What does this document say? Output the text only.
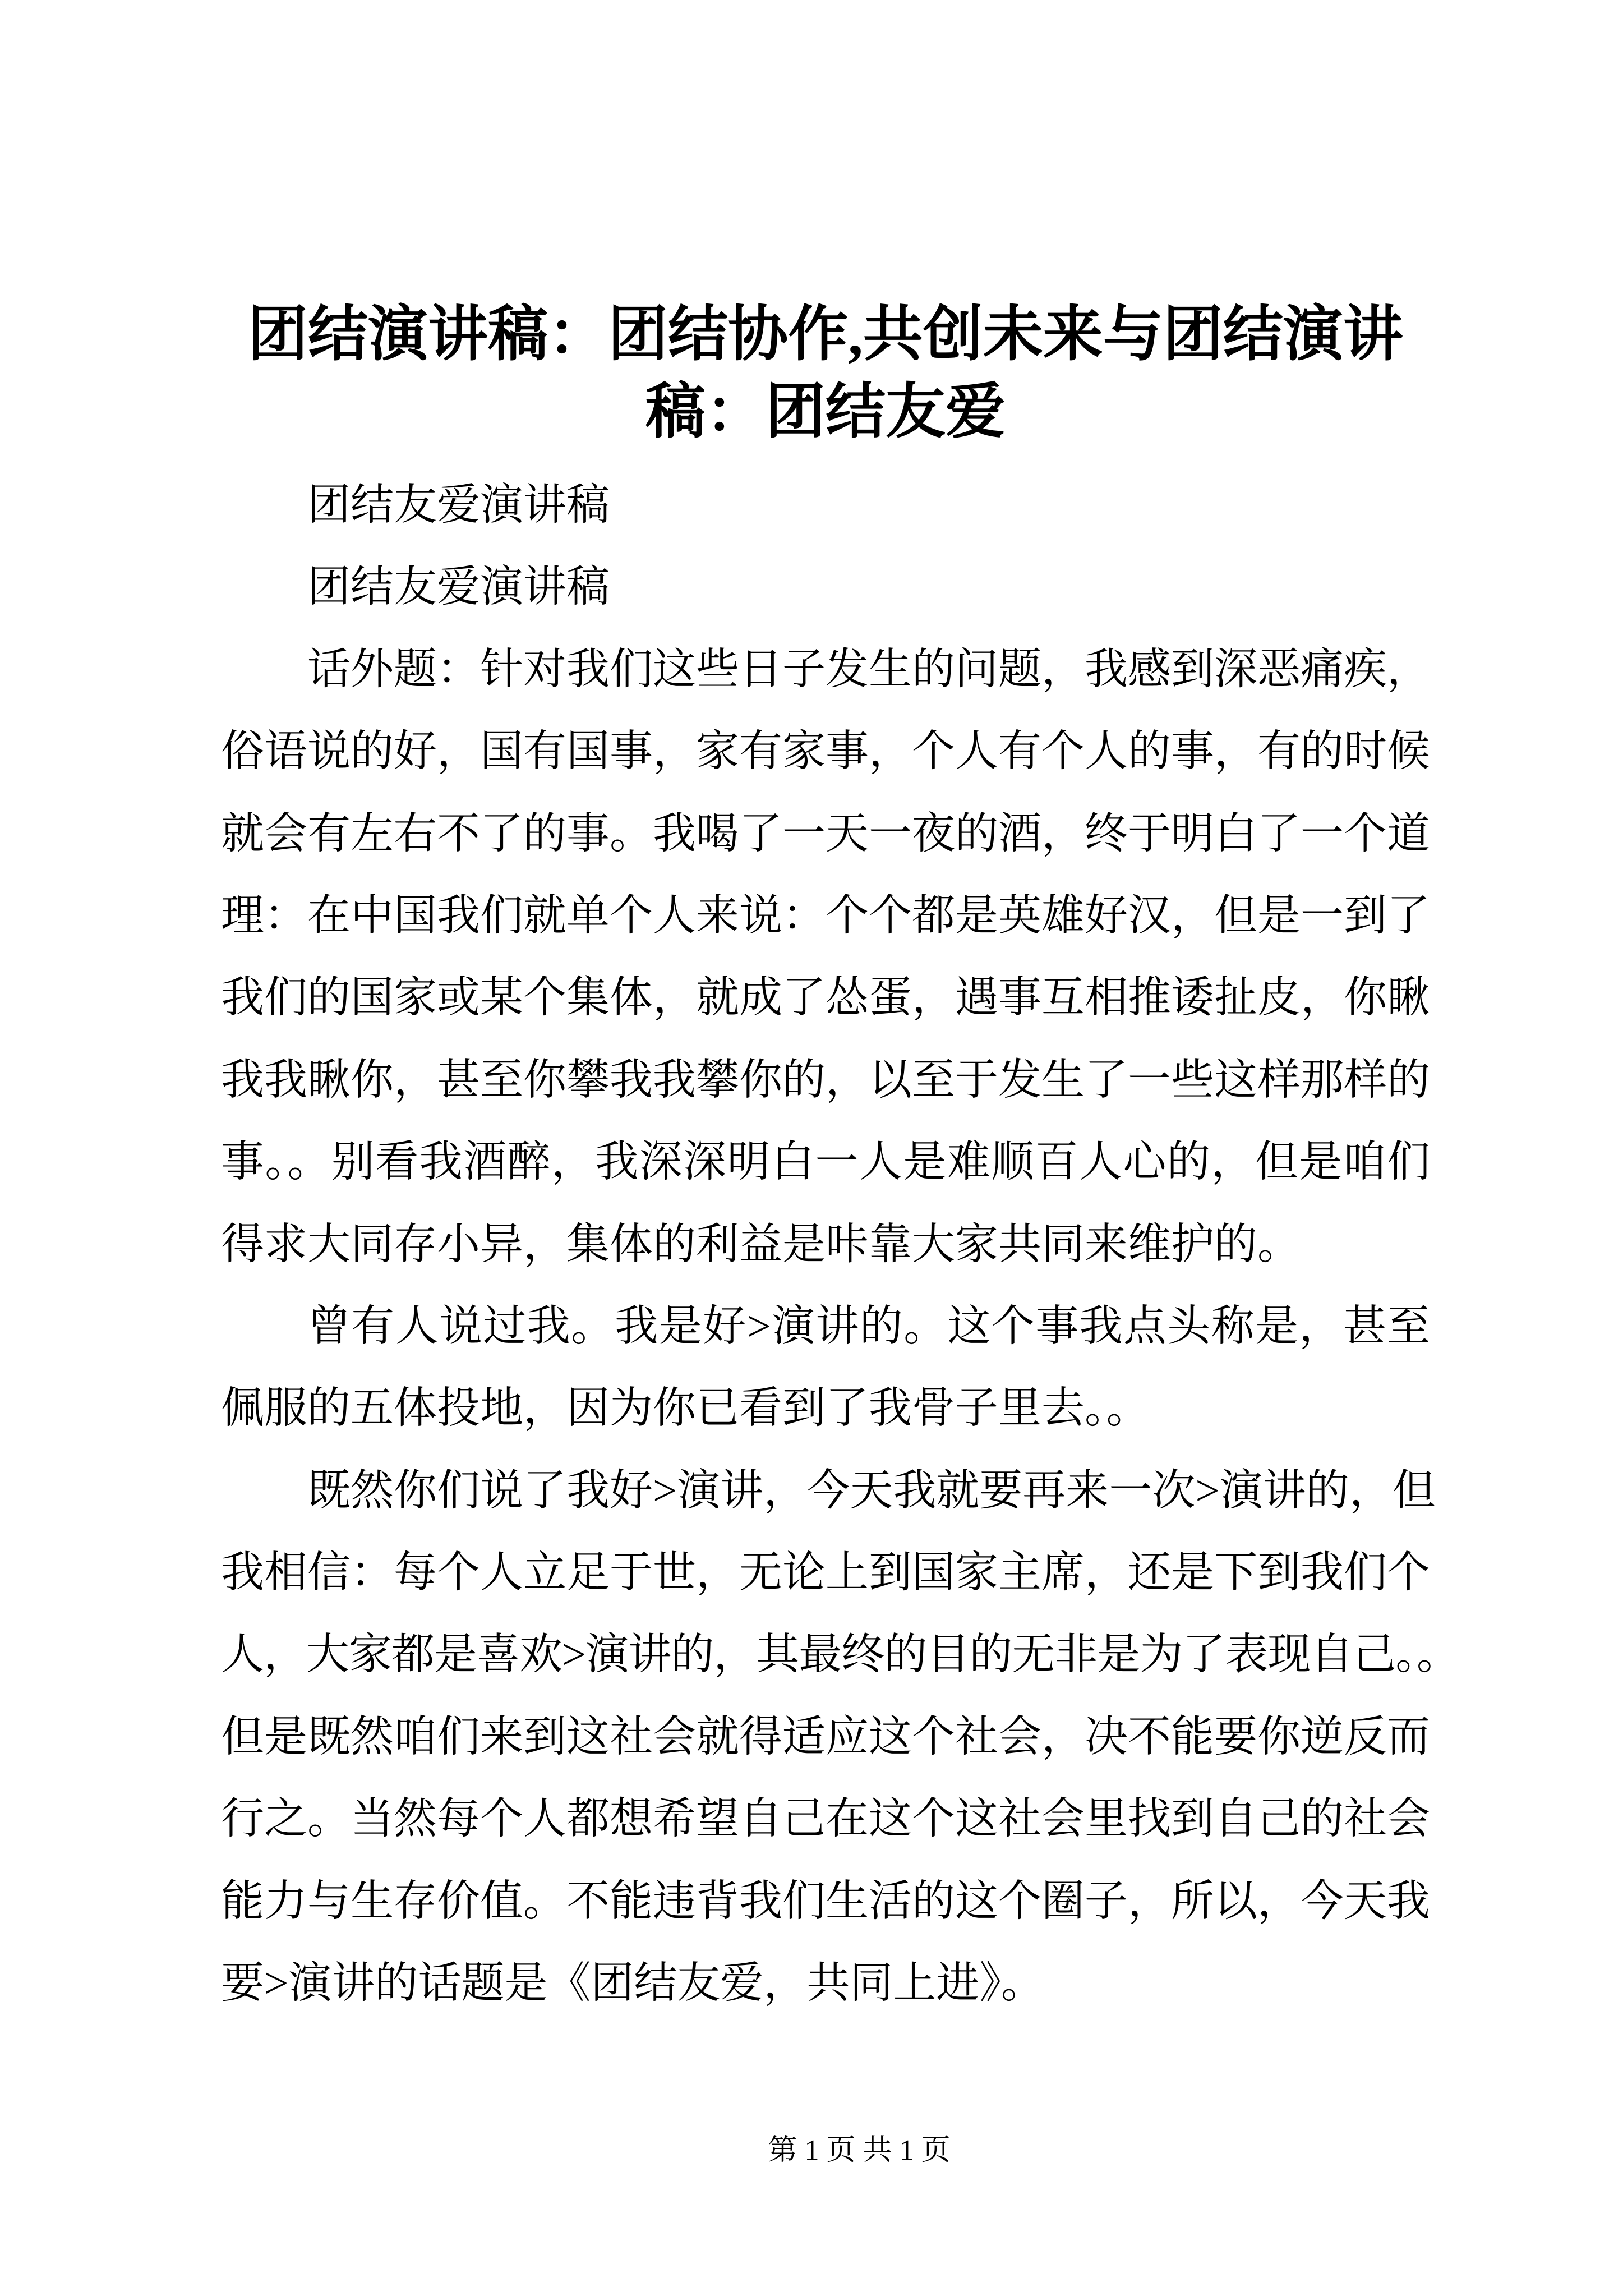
团结演讲稿：团结协作,共创未来与团结演讲
稿：团结友爱
团结友爱演讲稿
团结友爱演讲稿
话外题：针对我们这些日子发生的问题，我感到深恶痛疾，
俗语说的好，国有国事，家有家事，个人有个人的事，有的时候
就会有左右不了的事。我喝了一天一夜的酒，终于明白了一个道
理：在中国我们就单个人来说：个个都是英雄好汉，但是一到了
我们的国家或某个集体，就成了怂蛋，遇事互相推诿扯皮，你瞅
我我瞅你，甚至你攀我我攀你的，以至于发生了一些这样那样的
事。。别看我酒醉，我深深明白一人是难顺百人心的，但是咱们
得求大同存小异，集体的利益是咔靠大家共同来维护的。
曾有人说过我。我是好>演讲的。这个事我点头称是，甚至
佩服的五体投地，因为你已看到了我骨子里去。。
既然你们说了我好>演讲，今天我就要再来一次>演讲的，但
我相信：每个人立足于世，无论上到国家主席，还是下到我们个
人，大家都是喜欢>演讲的，其最终的目的无非是为了表现自己。。
但是既然咱们来到这社会就得适应这个社会，决不能要你逆反而
行之。当然每个人都想希望自己在这个这社会里找到自己的社会
能力与生存价值。不能违背我们生活的这个圈子，所以，今天我
要>演讲的话题是《团结友爱，共同上进》。
第 1 页 共 1 页
